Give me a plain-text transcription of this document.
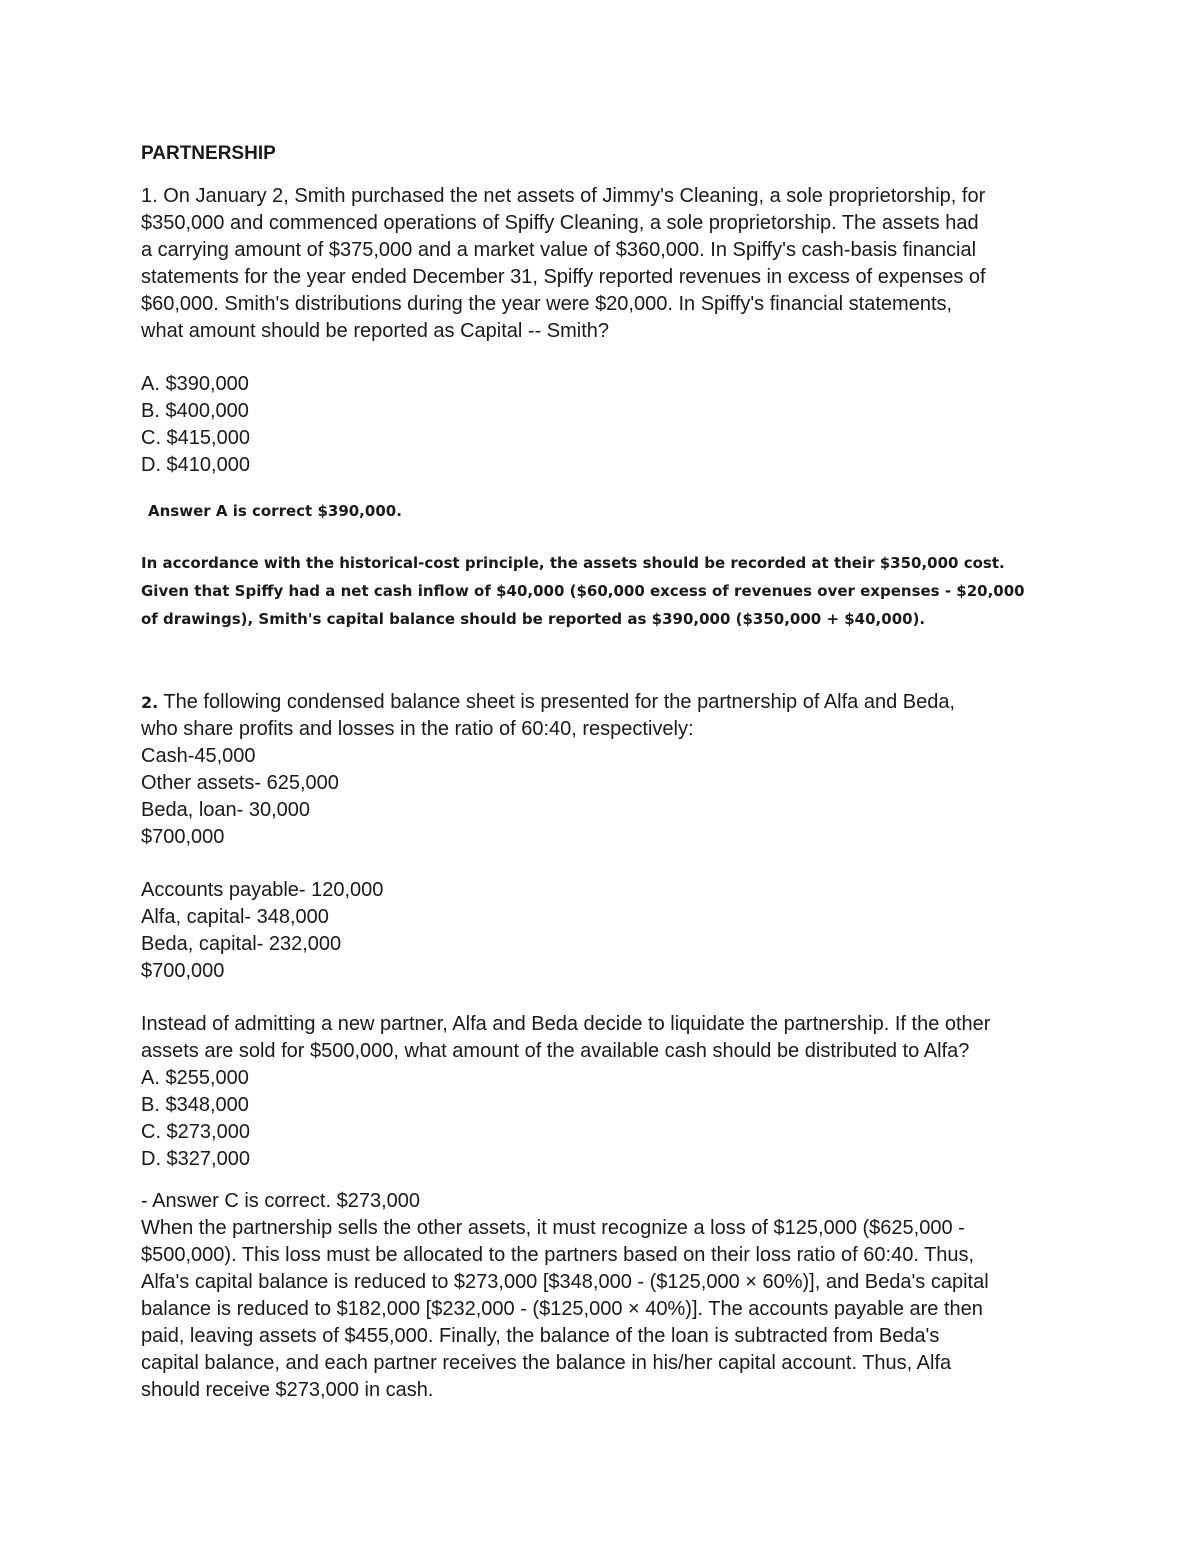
PARTNERSHIP
1. On January 2, Smith purchased the net assets of Jimmy's Cleaning, a sole proprietorship, for
$350,000 and commenced operations of Spiffy Cleaning, a sole proprietorship. The assets had
a carrying amount of $375,000 and a market value of $360,000. In Spiffy's cash-basis financial
statements for the year ended December 31, Spiffy reported revenues in excess of expenses of
$60,000. Smith's distributions during the year were $20,000. In Spiffy's financial statements,
what amount should be reported as Capital -- Smith?
A. $390,000
B. $400,000
C. $415,000
D. $410,000
Answer A is correct $390,000.
In accordance with the historical-cost principle, the assets should be recorded at their $350,000 cost.
Given that Spiffy had a net cash inflow of $40,000 ($60,000 excess of revenues over expenses - $20,000
of drawings), Smith's capital balance should be reported as $390,000 ($350,000 + $40,000).
2. The following condensed balance sheet is presented for the partnership of Alfa and Beda,
who share profits and losses in the ratio of 60:40, respectively:
Cash-45,000
Other assets- 625,000
Beda, loan- 30,000
$700,000
Accounts payable- 120,000
Alfa, capital- 348,000
Beda, capital- 232,000
$700,000
Instead of admitting a new partner, Alfa and Beda decide to liquidate the partnership. If the other
assets are sold for $500,000, what amount of the available cash should be distributed to Alfa?
A. $255,000
B. $348,000
C. $273,000
D. $327,000
- Answer C is correct. $273,000
When the partnership sells the other assets, it must recognize a loss of $125,000 ($625,000 -
$500,000). This loss must be allocated to the partners based on their loss ratio of 60:40. Thus,
Alfa's capital balance is reduced to $273,000 [$348,000 - ($125,000 × 60%)], and Beda's capital
balance is reduced to $182,000 [$232,000 - ($125,000 × 40%)]. The accounts payable are then
paid, leaving assets of $455,000. Finally, the balance of the loan is subtracted from Beda's
capital balance, and each partner receives the balance in his/her capital account. Thus, Alfa
should receive $273,000 in cash.
